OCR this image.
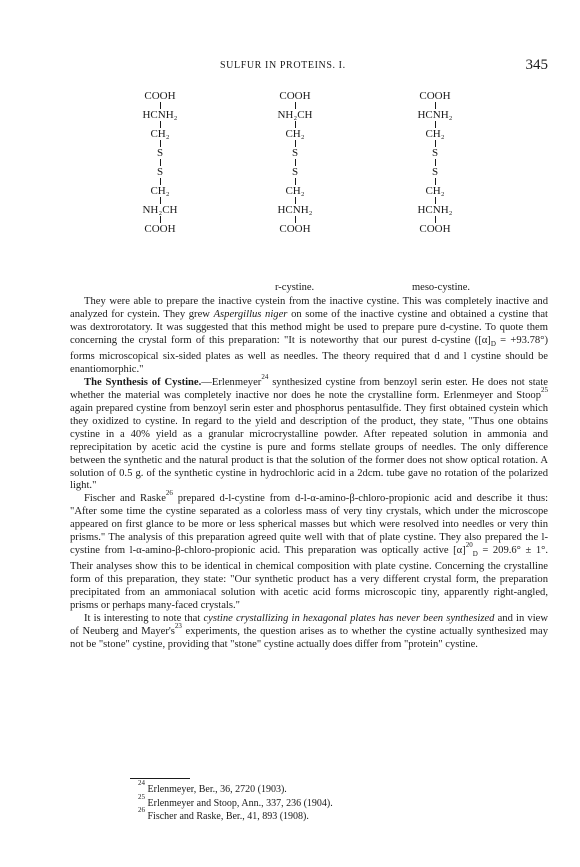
SULFUR IN PROTEINS. I.	345
COOH
HCNH₂
CH₂
S
S
CH₂
NH₂CH
COOH
COOH
NH₂CH
CH₂
S
S
CH₂
HCNH₂
COOH
COOH
HCNH₂
CH₂
S
S
CH₂
HCNH₂
COOH
r-cystine.	meso-cystine.

They were able to prepare the inactive cystein from the inactive cystine. This was completely inactive and analyzed for cystein. They grew Aspergillus niger on some of the inactive cystine and obtained a cystine that was dextrorotatory. It was suggested that this method might be used to prepare pure d-cystine. To quote them concerning the crystal form of this preparation: "It is noteworthy that our purest d-cystine $([\alpha]_D = +93.78^\circ)$ forms microscopical six-sided plates as well as needles. The theory required that d and l cystine should be enantiomorphic."

The Synthesis of Cystine.—Erlenmeyer$^{24}$ synthesized cystine from benzoyl serin ester. He does not state whether the material was completely inactive nor does he note the crystalline form. Erlenmeyer and Stoop$^{25}$ again prepared cystine from benzoyl serin ester and phosphorus pentasulfide. They first obtained cystein which they oxidized to cystine. In regard to the yield and description of the product, they state, "Thus one obtains cystine in a 40% yield as a granular microcrystalline powder. After repeated solution in ammonia and reprecipitation by acetic acid the cystine is pure and forms stellate groups of needles. The only difference between the synthetic and the natural product is that the solution of the former does not show optical rotation. A solution of 0.5 g. of the synthetic cystine in hydrochloric acid in a 2dcm. tube gave no rotation of the polarized light."

Fischer and Raske$^{26}$ prepared d-l-cystine from d-l-α-amino-β-chloro-propionic acid and describe it thus: "After some time the cystine separated as a colorless mass of very tiny crystals, which under the microscope appeared on first glance to be more or less spherical masses but which were resolved into needles or very thin prisms." The analysis of this preparation agreed quite well with that of plate cystine. They also prepared the l-cystine from l-α-amino-β-chloro-propionic acid. This preparation was optically active $[\alpha]^{20}_D = 209.6^\circ \pm 1^\circ$. Their analyses show this to be identical in chemical composition with plate cystine. Concerning the crystalline form of this preparation, they state: "Our synthetic product has a very different crystal form, the preparation precipitated from an ammoniacal solution with acetic acid forms microscopic tiny, apparently right-angled, prisms or perhaps many-faced crystals."

It is interesting to note that cystine crystallizing in hexagonal plates has never been synthesized and in view of Neuberg and $Mayer's^{23}$ experiments, the question arises as to whether the cystine actually synthesized may not be "stone" cystine, providing that "stone" cystine actually does differ from "protein" cystine.

$^{24}$ Erlenmeyer, Ber., 36, 2720 (1903).
$^{25}$ Erlenmeyer and Stoop, Ann., 337, 236 (1904).
$^{26}$ Fischer and Raske, Ber., 41, 893 (1908).
